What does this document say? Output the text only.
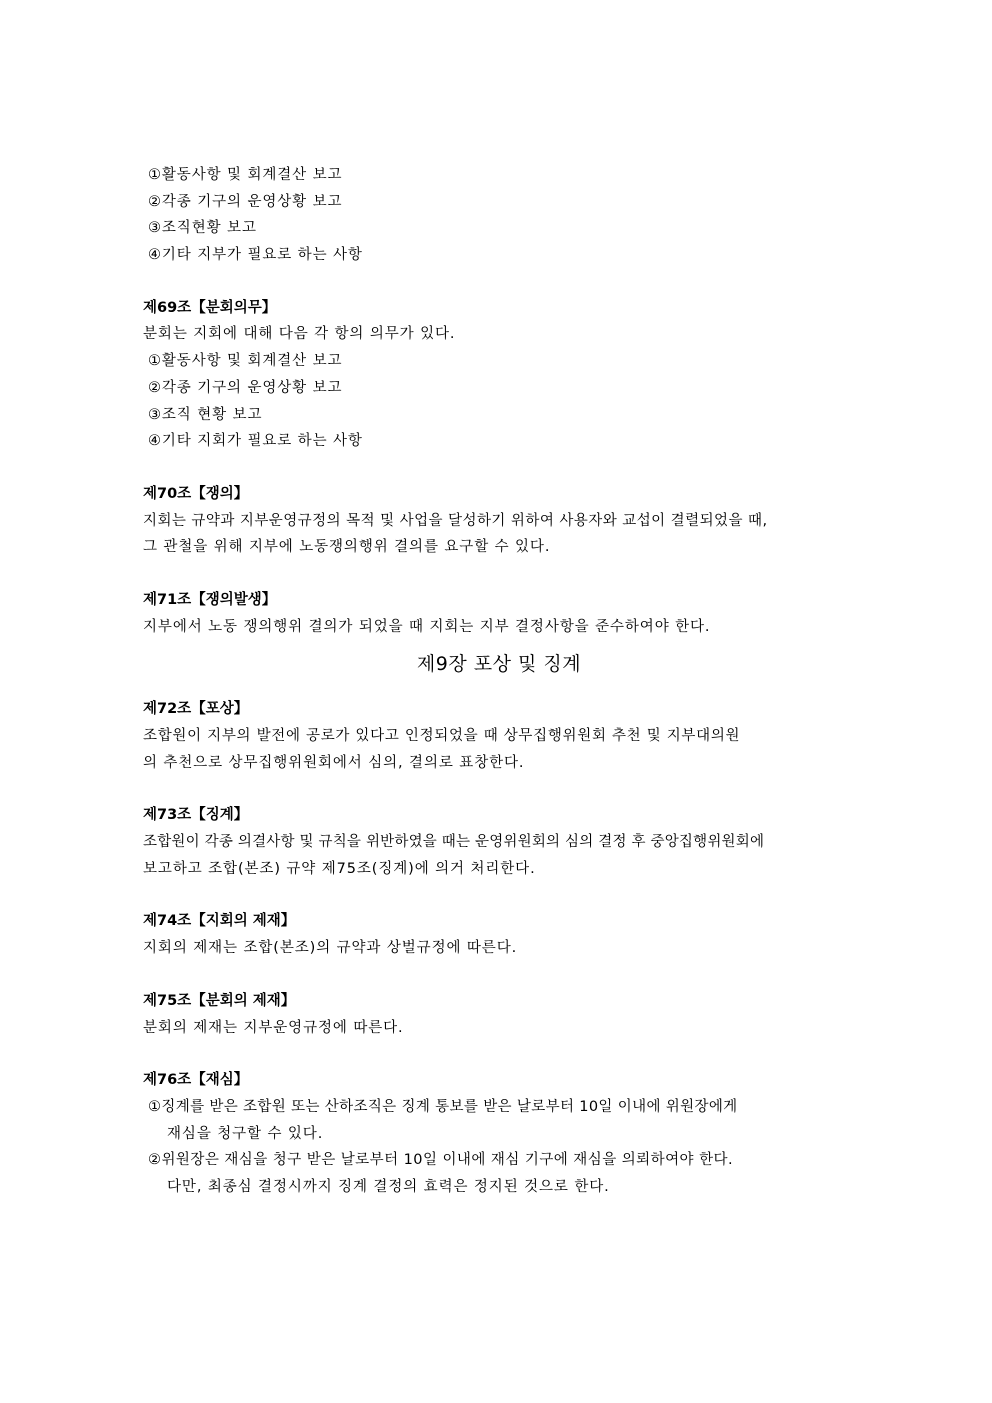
①활동사항 및 회계결산 보고
②각종 기구의 운영상황 보고
③조직현황 보고
④기타 지부가 필요로 하는 사항
제69조【분회의무】
분회는 지회에 대해 다음 각 항의 의무가 있다.
①활동사항 및 회계결산 보고
②각종 기구의 운영상황 보고
③조직 현황 보고
④기타 지회가 필요로 하는 사항
제70조【쟁의】
지회는 규약과 지부운영규정의 목적 및 사업을 달성하기 위하여 사용자와 교섭이 결렬되었을 때,
그 관철을 위해 지부에 노동쟁의행위 결의를 요구할 수 있다.
제71조【쟁의발생】
지부에서 노동 쟁의행위 결의가 되었을 때 지회는 지부 결정사항을 준수하여야 한다.
제9장 포상 및 징계
제72조【포상】
조합원이 지부의 발전에 공로가 있다고 인정되었을 때 상무집행위원회 추천 및 지부대의원
의 추천으로 상무집행위원회에서 심의, 결의로 표창한다.
제73조【징계】
조합원이 각종 의결사항 및 규칙을 위반하였을 때는 운영위원회의 심의 결정 후 중앙집행위원회에
보고하고 조합(본조) 규약 제75조(징계)에 의거 처리한다.
제74조【지회의 제재】
지회의 제재는 조합(본조)의 규약과 상벌규정에 따른다.
제75조【분회의 제재】
분회의 제재는 지부운영규정에 따른다.
제76조【재심】
①징계를 받은 조합원 또는 산하조직은 징계 통보를 받은 날로부터 10일 이내에 위원장에게
재심을 청구할 수 있다.
②위원장은 재심을 청구 받은 날로부터 10일 이내에 재심 기구에 재심을 의뢰하여야 한다.
다만, 최종심 결정시까지 징계 결정의 효력은 정지된 것으로 한다.
